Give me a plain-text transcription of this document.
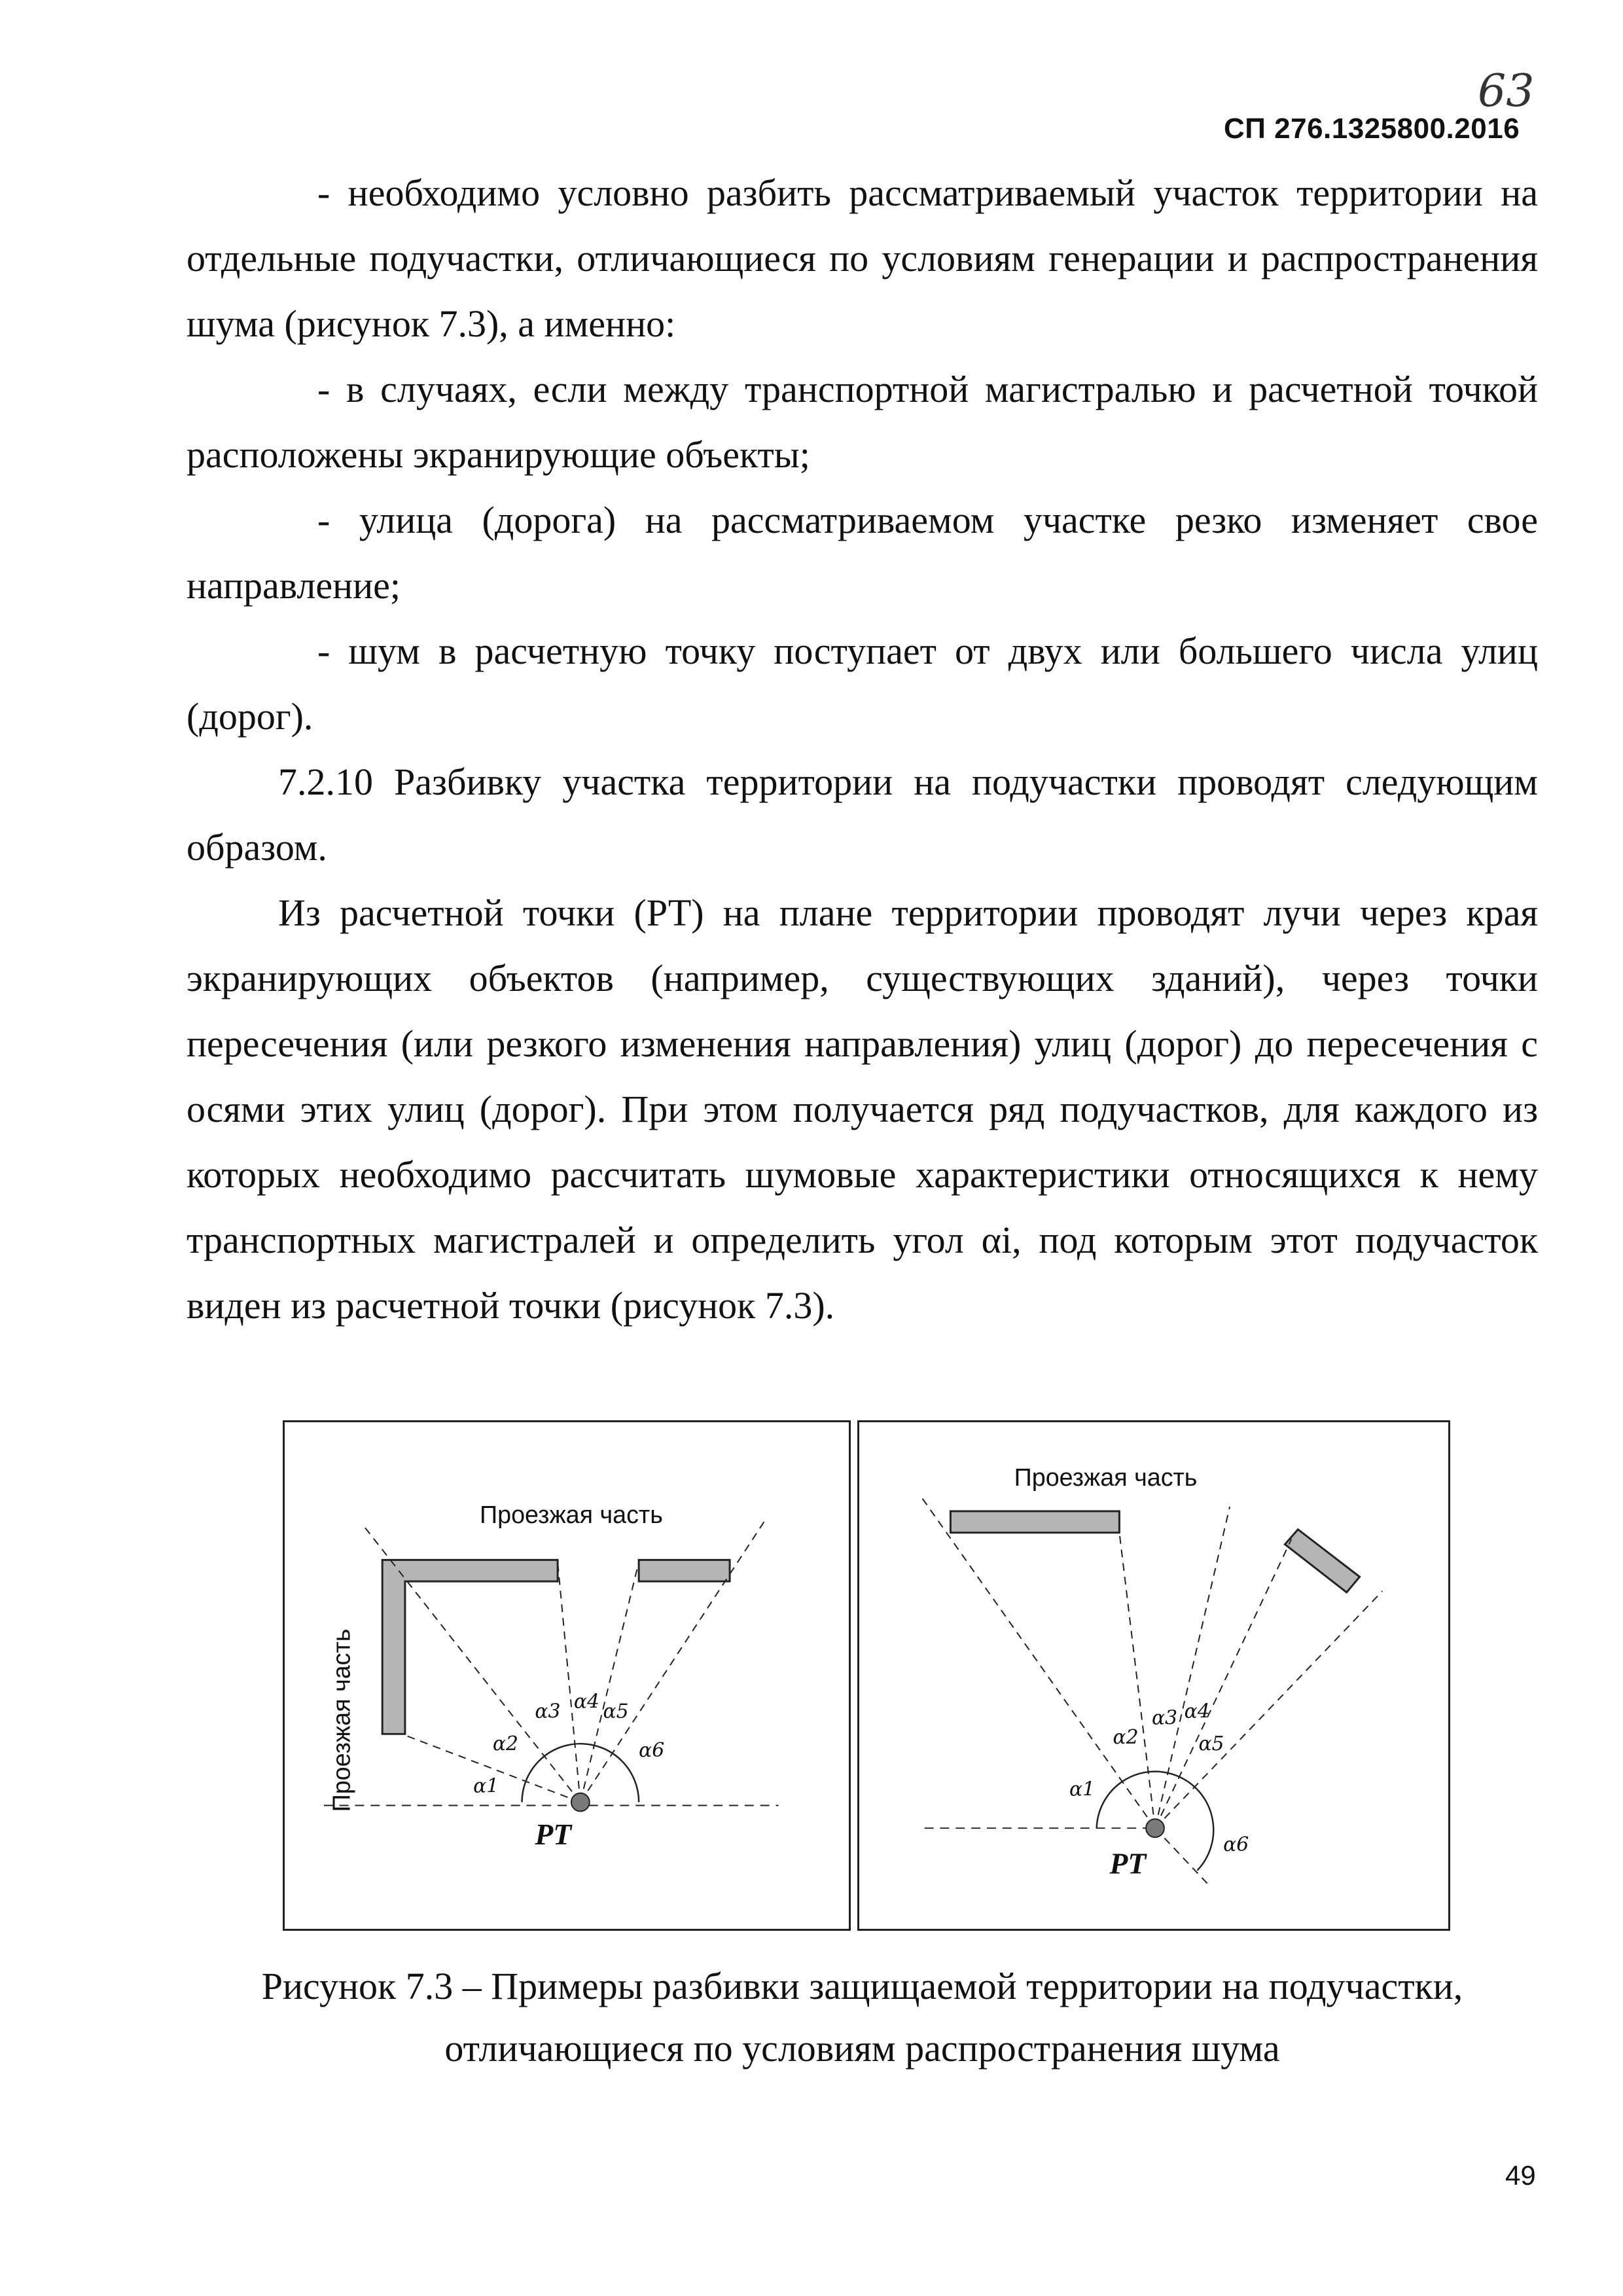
63
СП 276.1325800.2016

- необходимо условно разбить рассматриваемый участок территории на отдельные подучастки, отличающиеся по условиям генерации и распространения шума (рисунок 7.3), а именно:

- в случаях, если между транспортной магистралью и расчетной точкой расположены экранирующие объекты;

- улица (дорога) на рассматриваемом участке резко изменяет свое направление;

- шум в расчетную точку поступает от двух или большего числа улиц (дорог).

7.2.10 Разбивку участка территории на подучастки проводят следующим образом.

Из расчетной точки (РТ) на плане территории проводят лучи через края экранирующих объектов (например, существующих зданий), через точки пересечения (или резкого изменения направления) улиц (дорог) до пересечения с осями этих улиц (дорог). При этом получается ряд подучастков, для каждого из которых необходимо рассчитать шумовые характеристики относящихся к нему транспортных магистралей и определить угол αi, под которым этот подучасток виден из расчетной точки (рисунок 7.3).

Проезжая часть
Проезжая часть
PT
α1
α2
α3 α4 α5
α6
Проезжая часть
PT
α1
α2
α3 α4
α5
α6
Рисунок 7.3 – Примеры разбивки защищаемой территории на подучастки,
отличающиеся по условиям распространения шума
49
